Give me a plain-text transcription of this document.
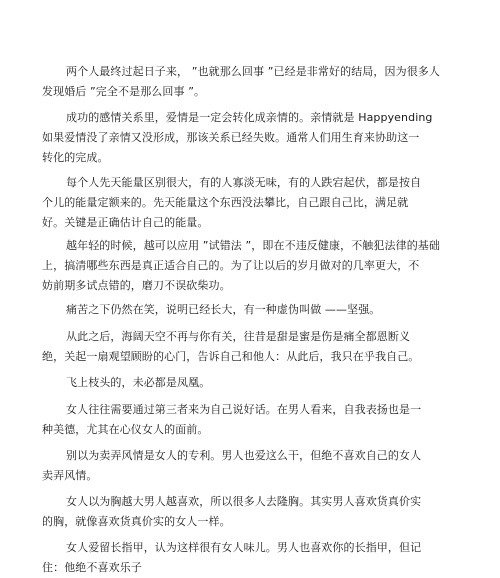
两个人最终过起日子来， ”也就那么回事 ”已经是非常好的结局，因为很多人
发现婚后 ”完全不是那么回事 ”。
成功的感情关系里，爱情是一定会转化成亲情的。亲情就是 Happyending
如果爱情没了亲情又没形成，那该关系已经失败。通常人们用生育来协助这一
转化的完成。
每个人先天能量区别很大，有的人寡淡无味，有的人跌宕起伏，都是按自
个儿的能量定额来的。先天能量这个东西没法攀比，自己跟自己比，满足就
好。关键是正确估计自己的能量。
越年轻的时候，越可以应用 ”试错法 ”，即在不违反健康，不触犯法律的基础
上，搞清哪些东西是真正适合自己的。为了让以后的岁月做对的几率更大，不
妨前期多试点错的，磨刀不误砍柴功。
痛苦之下仍然在笑，说明已经长大，有一种虚伪叫做 ——坚强。
从此之后，海阔天空不再与你有关，往昔是甜是蜜是伤是痛全都恩断义
绝，关起一扇观望顾盼的心门，告诉自己和他人：从此后，我只在乎我自己。
飞上枝头的，未必都是凤凰。
女人往往需要通过第三者来为自己说好话。在男人看来，自我表扬也是一
种美德，尤其在心仪女人的面前。
别以为卖弄风情是女人的专利。男人也爱这么干，但绝不喜欢自己的女人
卖弄风情。
女人以为胸越大男人越喜欢，所以很多人去隆胸。其实男人喜欢货真价实
的胸，就像喜欢货真价实的女人一样。
女人爱留长指甲，认为这样很有女人味儿。男人也喜欢你的长指甲，但记
住：他绝不喜欢乐子
